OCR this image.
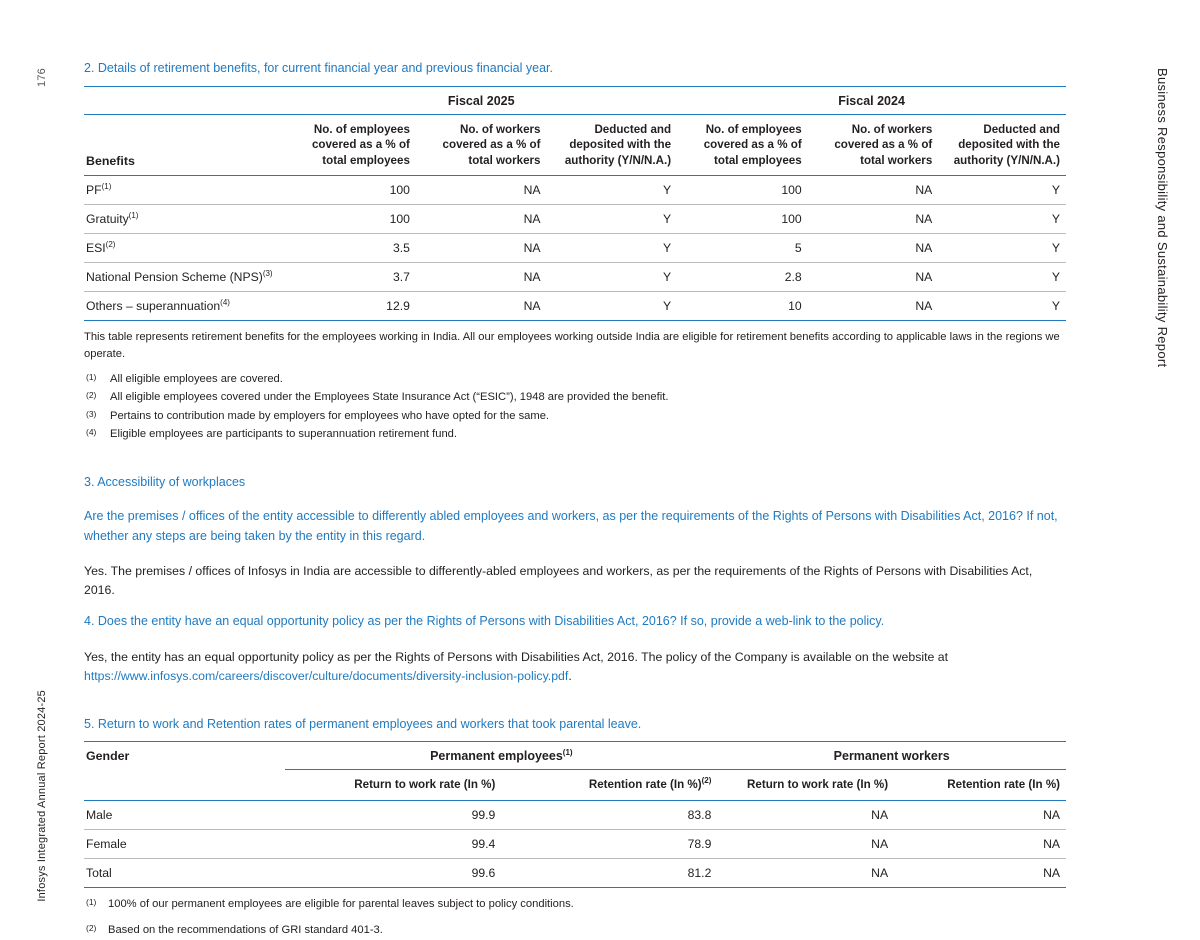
176	Business Responsibility and Sustainability Report
Infosys Integrated Annual Report 2024-25

2. Details of retirement benefits, for current financial year and previous financial year.

	Fiscal 2025			Fiscal 2024		
Benefits	No. of employees covered as a % of total employees	No. of workers covered as a % of total workers	Deducted and deposited with the authority (Y/N/N.A.)	No. of employees covered as a % of total employees	No. of workers covered as a % of total workers	Deducted and deposited with the authority (Y/N/N.A.)
PF$^{(1)}$	100	NA	Y	100	NA	Y
Gratuity$^{(1)}$	100	NA	Y	100	NA	Y
ESI$^{(2)}$	3.5	NA	Y	5	NA	Y
National Pension Scheme (NPS)$^{(3)}$	3.7	NA	Y	2.8	NA	Y
Others – superannuation$^{(4)}$	12.9	NA	Y	10	NA	Y

This table represents retirement benefits for the employees working in India. All our employees working outside India are eligible for retirement benefits according to applicable laws in the regions we operate.

(1) All eligible employees are covered.
(2) All eligible employees covered under the Employees State Insurance Act (“ESIC”), 1948 are provided the benefit.
(3) Pertains to contribution made by employers for employees who have opted for the same.
(4) Eligible employees are participants to superannuation retirement fund.

3. Accessibility of workplaces

Are the premises / offices of the entity accessible to differently abled employees and workers, as per the requirements of the Rights of Persons with Disabilities Act, 2016? If not, whether any steps are being taken by the entity in this regard.

Yes. The premises / offices of Infosys in India are accessible to differently-abled employees and workers, as per the requirements of the Rights of Persons with Disabilities Act, 2016.

4. Does the entity have an equal opportunity policy as per the Rights of Persons with Disabilities Act, 2016? If so, provide a web-link to the policy.

Yes, the entity has an equal opportunity policy as per the Rights of Persons with Disabilities Act, 2016. The policy of the Company is available on the website at https://www.infosys.com/careers/discover/culture/documents/diversity-inclusion-policy.pdf.

5. Return to work and Retention rates of permanent employees and workers that took parental leave.

Gender	Permanent employees$^{(1)}$		Permanent workers	
	Return to work rate (In %)	Retention rate (In %)$^{(2)}$	Return to work rate (In %)	Retention rate (In %)
Male	99.9	83.8	NA	NA
Female	99.4	78.9	NA	NA
Total	99.6	81.2	NA	NA
(1) 100% of our permanent employees are eligible for parental leaves subject to policy conditions.
(2) Based on the recommendations of GRI standard 401-3.
